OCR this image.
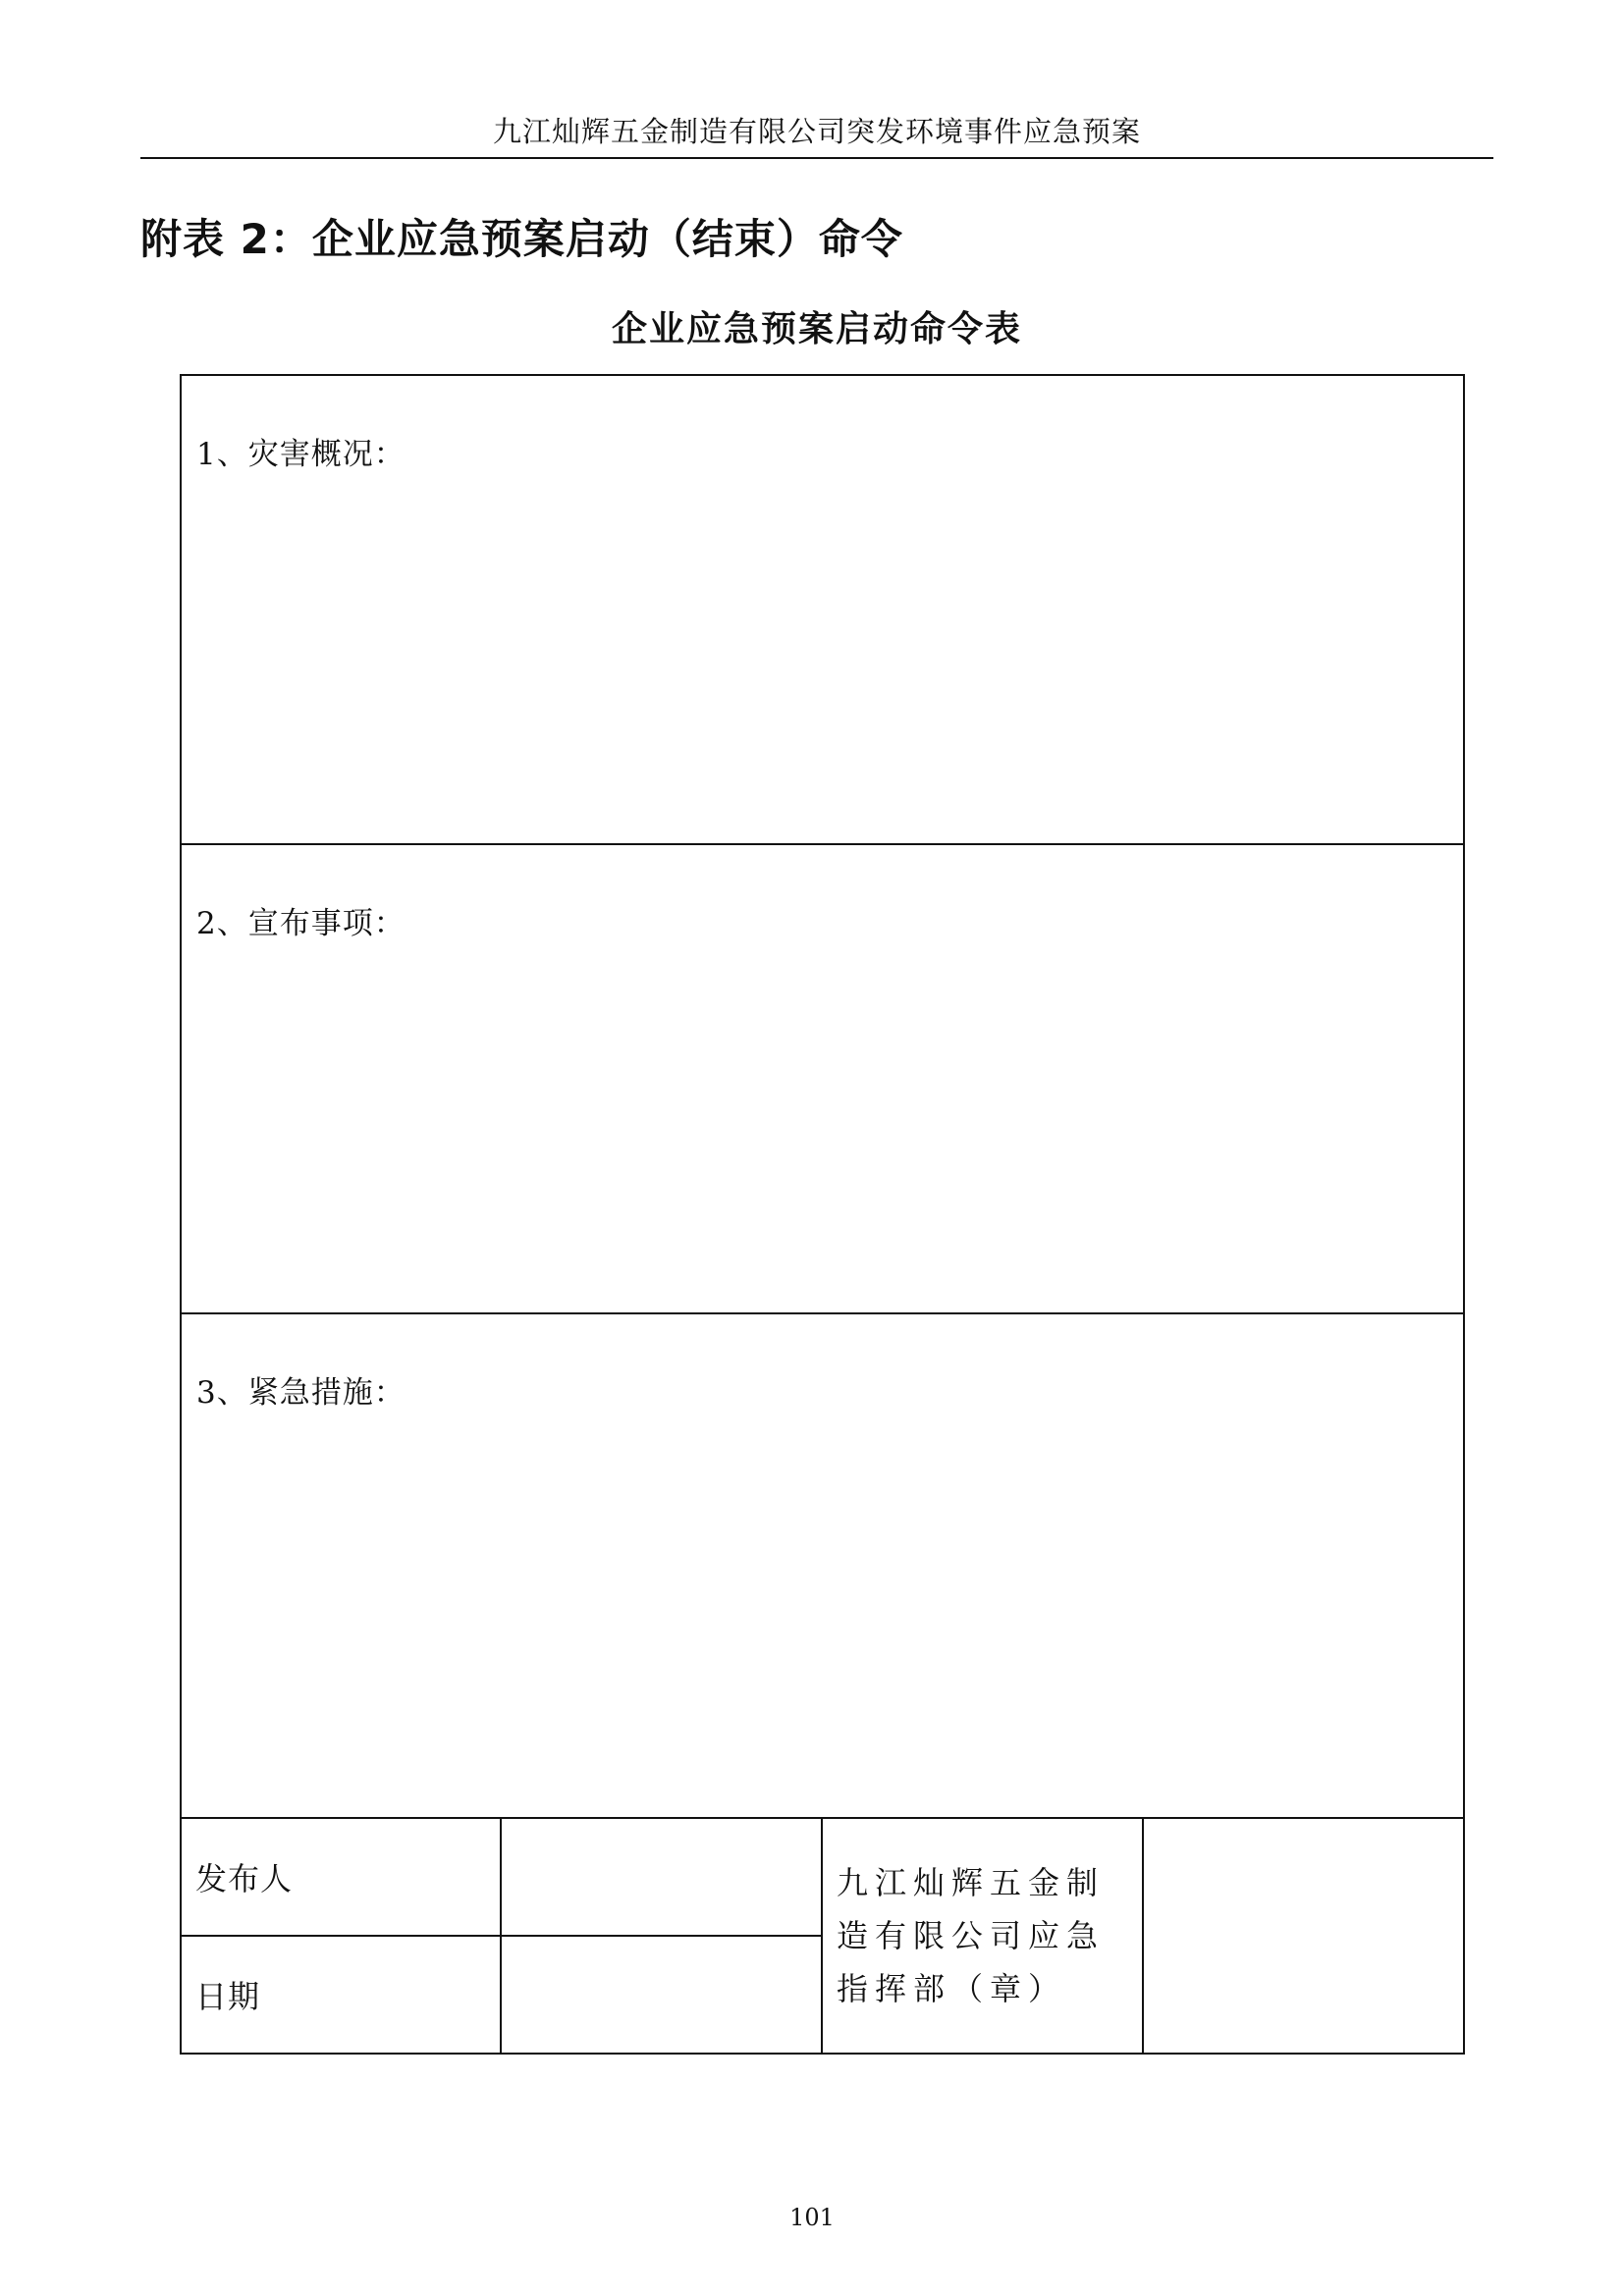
九江灿辉五金制造有限公司突发环境事件应急预案
附表 2：企业应急预案启动（结束）命令
企业应急预案启动命令表
1、灾害概况：			

2、宣布事项：			

3、紧急措施：			

发布人		九江灿辉五金制造有限公司应急指挥部（章）	

日期			

101
